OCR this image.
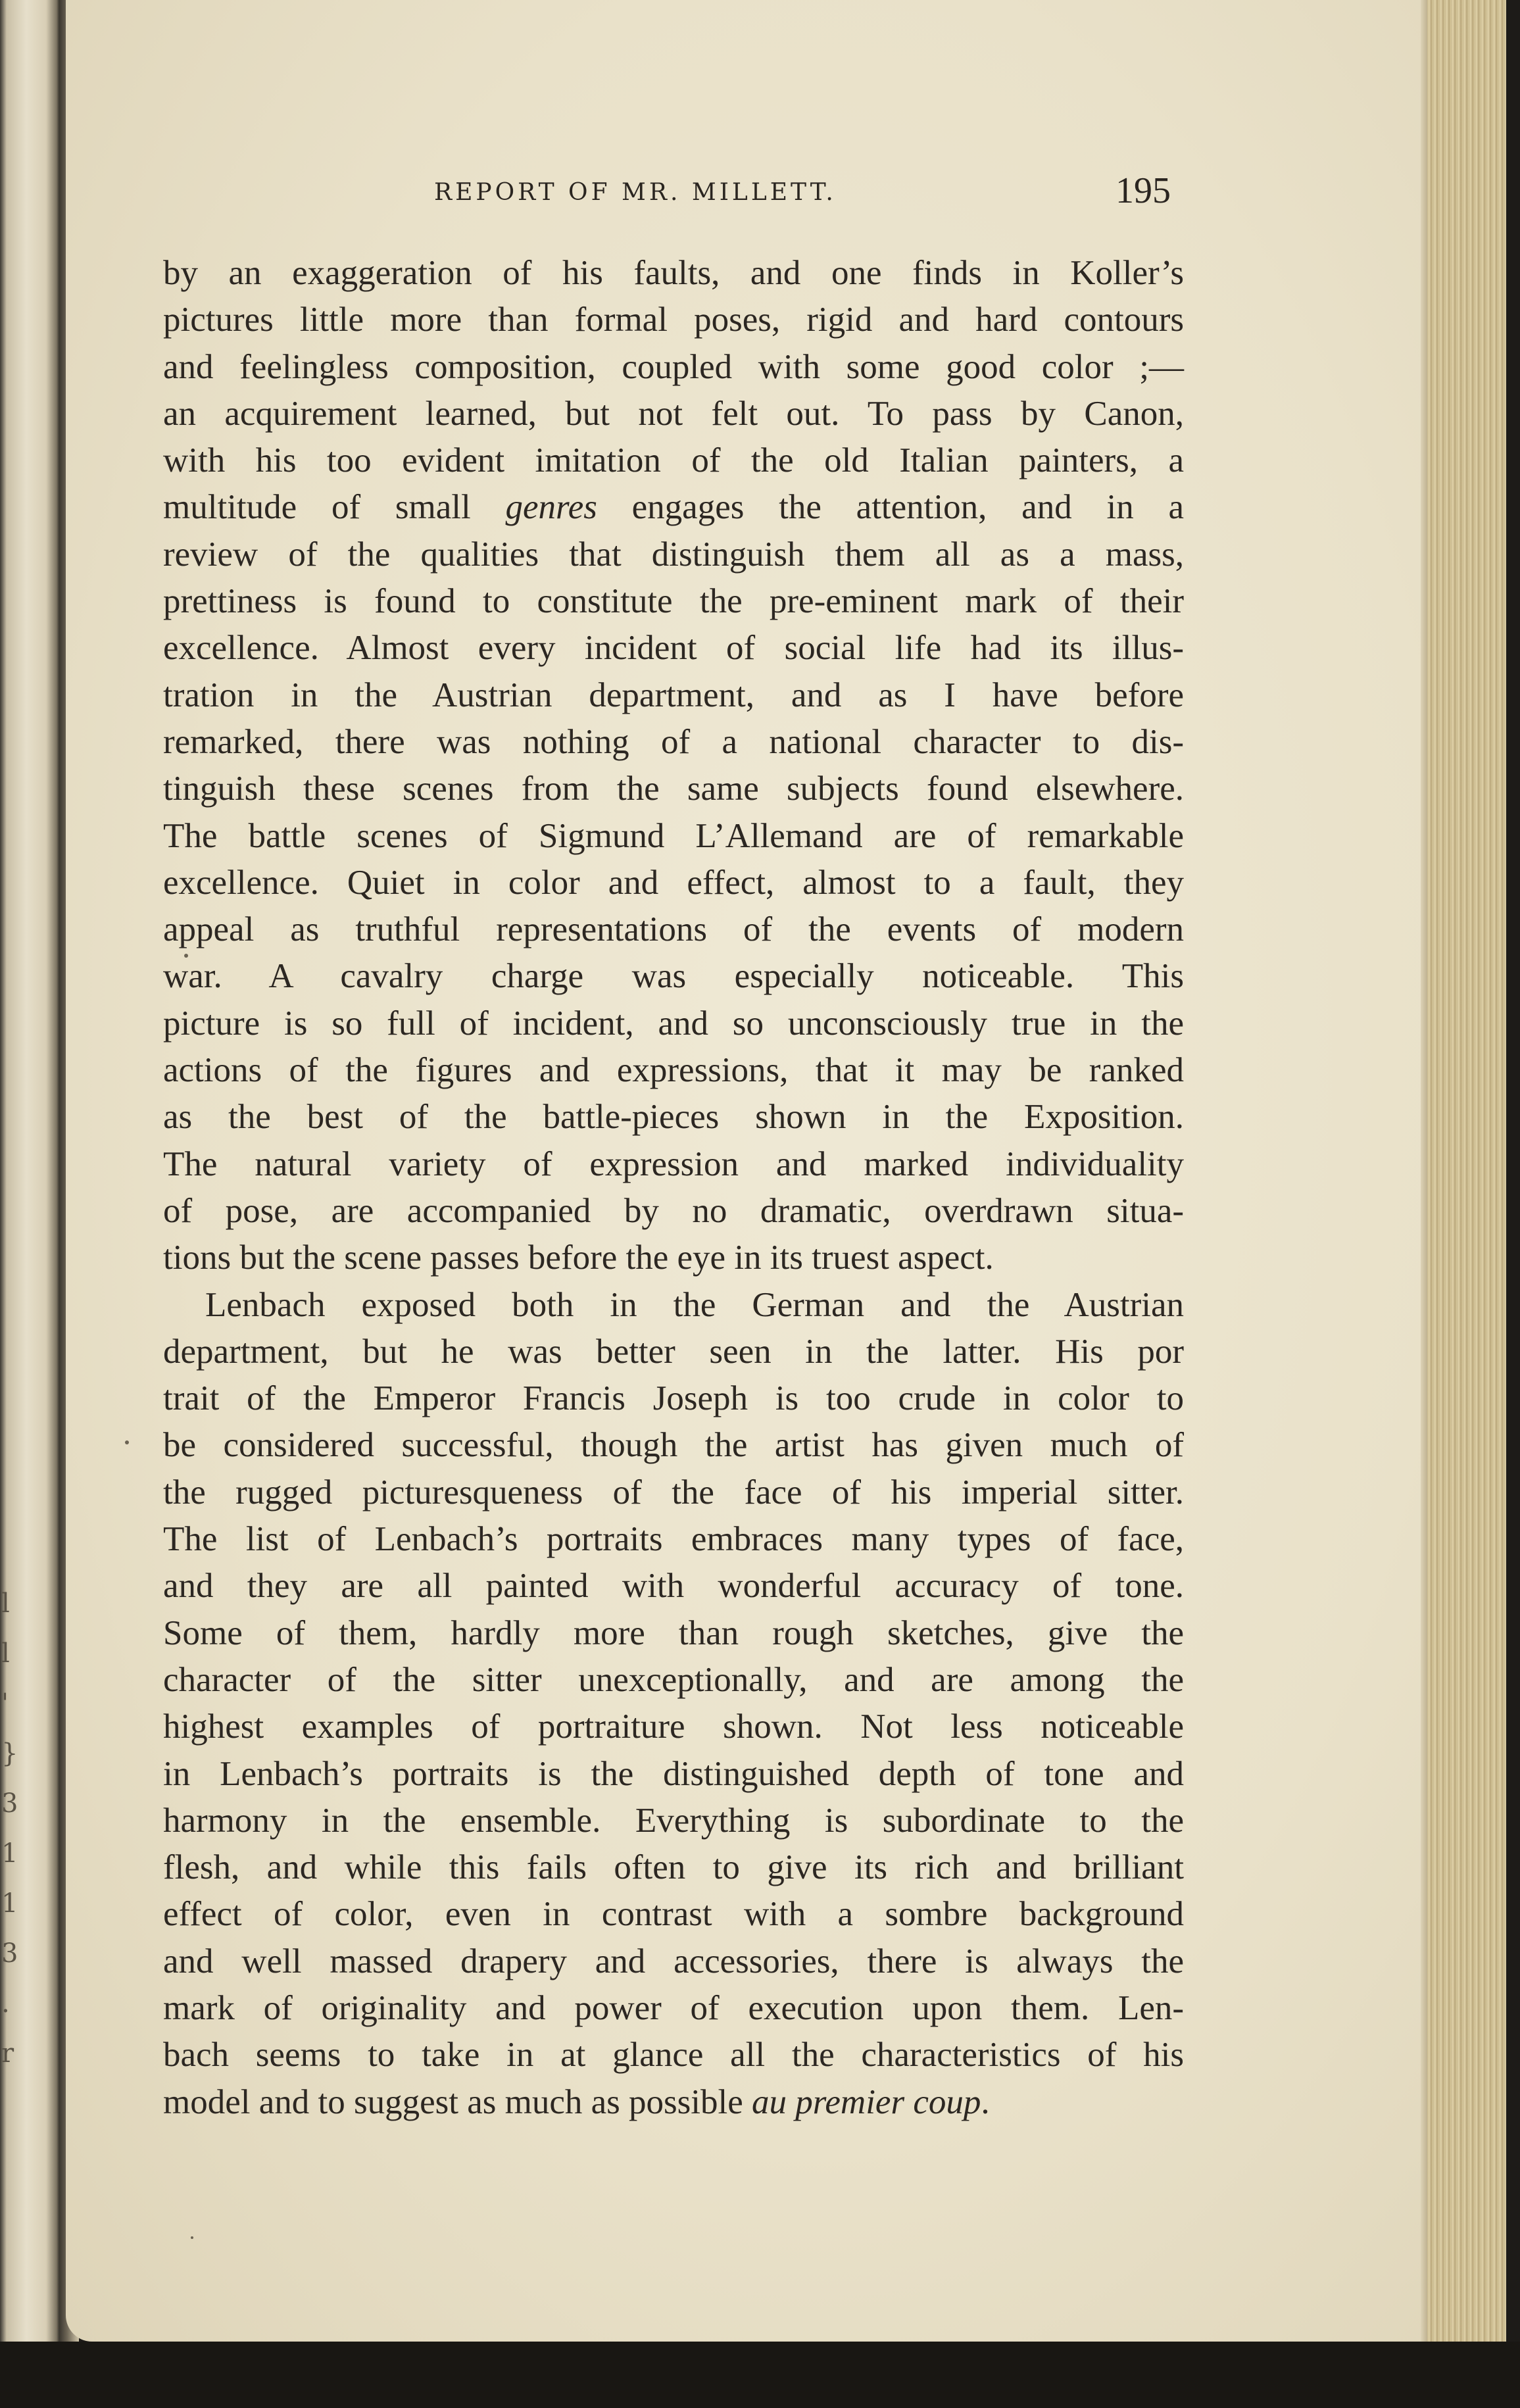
l
l
'
}
3
1
1
3
.
r
REPORT OF MR. MILLETT.	195
by an exaggeration of his faults, and one finds in Koller’s
pictures little more than formal poses, rigid and hard contours
and feelingless composition, coupled with some good color ;—
an acquirement learned, but not felt out. To pass by Canon,
with his too evident imitation of the old Italian painters, a
multitude of small genres engages the attention, and in a
review of the qualities that distinguish them all as a mass,
prettiness is found to constitute the pre-eminent mark of their
excellence. Almost every incident of social life had its illus-
tration in the Austrian department, and as I have before
remarked, there was nothing of a national character to dis-
tinguish these scenes from the same subjects found elsewhere.
The battle scenes of Sigmund L’Allemand are of remarkable
excellence. Quiet in color and effect, almost to a fault, they
appeal as truthful representations of the events of modern
war. A cavalry charge was especially noticeable. This
picture is so full of incident, and so unconsciously true in the
actions of the figures and expressions, that it may be ranked
as the best of the battle-pieces shown in the Exposition.
The natural variety of expression and marked individuality
of pose, are accompanied by no dramatic, overdrawn situa-
tions but the scene passes before the eye in its truest aspect.
Lenbach exposed both in the German and the Austrian
department, but he was better seen in the latter. His por
trait of the Emperor Francis Joseph is too crude in color to
be considered successful, though the artist has given much of
the rugged picturesqueness of the face of his imperial sitter.
The list of Lenbach’s portraits embraces many types of face,
and they are all painted with wonderful accuracy of tone.
Some of them, hardly more than rough sketches, give the
character of the sitter unexceptionally, and are among the
highest examples of portraiture shown. Not less noticeable
in Lenbach’s portraits is the distinguished depth of tone and
harmony in the ensemble. Everything is subordinate to the
flesh, and while this fails often to give its rich and brilliant
effect of color, even in contrast with a sombre background
and well massed drapery and accessories, there is always the
mark of originality and power of execution upon them. Len-
bach seems to take in at glance all the characteristics of his
model and to suggest as much as possible au premier coup.
